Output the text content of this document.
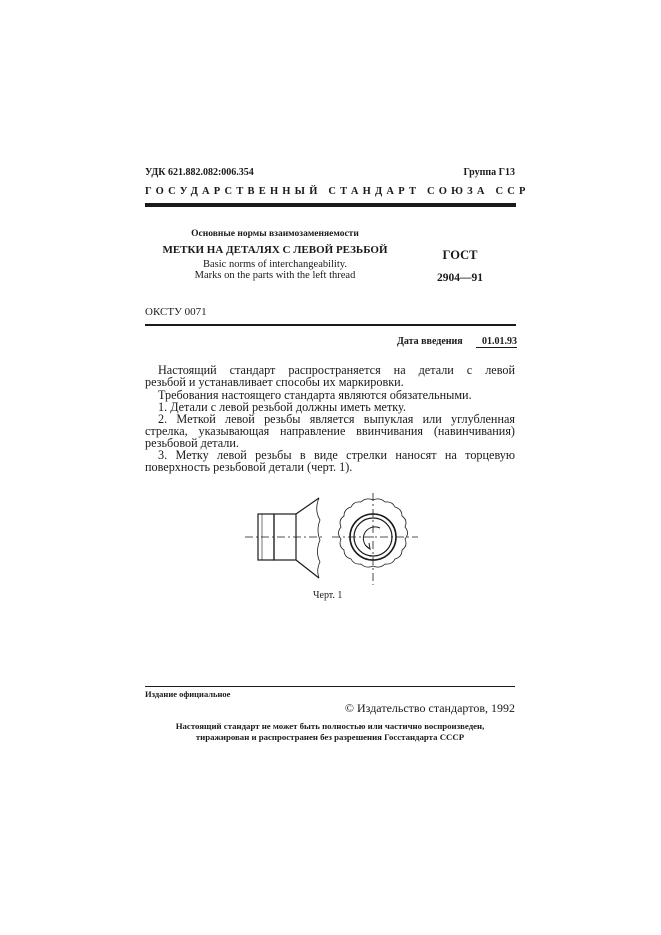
УДК 621.882.082:006.354	Группа Г13
ГОСУДАРСТВЕННЫЙ СТАНДАРТ СОЮЗА ССР
Основные нормы взаимозаменяемости
МЕТКИ НА ДЕТАЛЯХ С ЛЕВОЙ РЕЗЬБОЙ
Basic norms of interchangeability.
Marks on the parts with the left thread
ГОСТ
2904—91
ОКСТУ 0071
Дата введения	01.01.93
Настоящий стандарт распространяется на детали с левой
резьбой и устанавливает способы их маркировки.
Требования настоящего стандарта являются обязательными.
1. Детали с левой резьбой должны иметь метку.
2. Меткой левой резьбы является выпуклая или углубленная
стрелка, указывающая направление ввинчивания (навинчивания)
резьбовой детали.
3. Метку левой резьбы в виде стрелки наносят на торцевую
поверхность резьбовой детали (черт. 1).
Черт. 1
Издание официальное
© Издательство стандартов, 1992
Настоящий стандарт не может быть полностью или частично воспроизведен,
тиражирован и распространен без разрешения Госстандарта СССР
